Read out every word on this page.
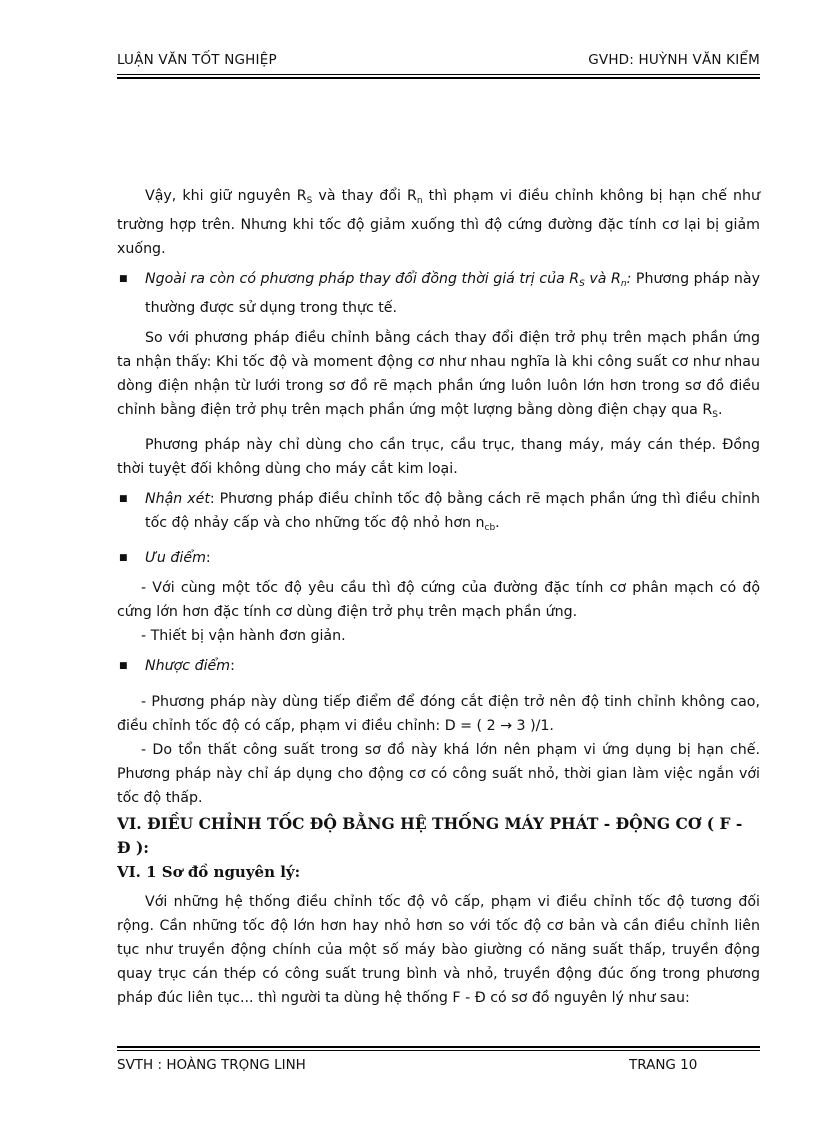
LUẬN VĂN TỐT NGHIỆP	GVHD: HUỲNH VĂN KIỂM

Vậy, khi giữ nguyên $R_S$ và thay đổi $R_n$ thì phạm vi điều chỉnh không bị hạn chế như trường hợp trên. Nhưng khi tốc độ giảm xuống thì độ cứng đường đặc tính cơ lại bị giảm xuống.

■ Ngoài ra còn có phương pháp thay đổi đồng thời giá trị của $R_S$ và $R_n$: Phương pháp này thường được sử dụng trong thực tế.

So với phương pháp điều chỉnh bằng cách thay đổi điện trở phụ trên mạch phần ứng ta nhận thấy: Khi tốc độ và moment động cơ như nhau nghĩa là khi công suất cơ như nhau dòng điện nhận từ lưới trong sơ đồ rẽ mạch phần ứng luôn luôn lớn hơn trong sơ đồ điều chỉnh bằng điện trở phụ trên mạch phần ứng một lượng bằng dòng điện chạy qua $R_S$.

Phương pháp này chỉ dùng cho cần trục, cầu trục, thang máy, máy cán thép. Đồng thời tuyệt đối không dùng cho máy cắt kim loại.

■ Nhận xét: Phương pháp điều chỉnh tốc độ bằng cách rẽ mạch phần ứng thì điều chỉnh tốc độ nhảy cấp và cho những tốc độ nhỏ hơn $n_{cb}$.

■ Ưu điểm:

- Với cùng một tốc độ yêu cầu thì độ cứng của đường đặc tính cơ phân mạch có độ cứng lớn hơn đặc tính cơ dùng điện trở phụ trên mạch phần ứng.

- Thiết bị vận hành đơn giản.

■ Nhược điểm:

- Phương pháp này dùng tiếp điểm để đóng cắt điện trở nên độ tinh chỉnh không cao, điều chỉnh tốc độ có cấp, phạm vi điều chỉnh: D = ( 2 → 3 )/1.

- Do tổn thất công suất trong sơ đồ này khá lớn nên phạm vi ứng dụng bị hạn chế. Phương pháp này chỉ áp dụng cho động cơ có công suất nhỏ, thời gian làm việc ngắn với tốc độ thấp.

VI. ĐIỀU CHỈNH TỐC ĐỘ BẰNG HỆ THỐNG MÁY PHÁT - ĐỘNG CƠ ( F - Đ ):
VI. 1 Sơ đồ nguyên lý:

Với những hệ thống điều chỉnh tốc độ vô cấp, phạm vi điều chỉnh tốc độ tương đối rộng. Cần những tốc độ lớn hơn hay nhỏ hơn so với tốc độ cơ bản và cần điều chỉnh liên tục như truyền động chính của một số máy bào giường có năng suất thấp, truyền động quay trục cán thép có công suất trung bình và nhỏ, truyền động đúc ống trong phương pháp đúc liên tục... thì người ta dùng hệ thống F - Đ có sơ đồ nguyên lý như sau:

SVTH : HOÀNG TRỌNG LINH	TRANG 10
